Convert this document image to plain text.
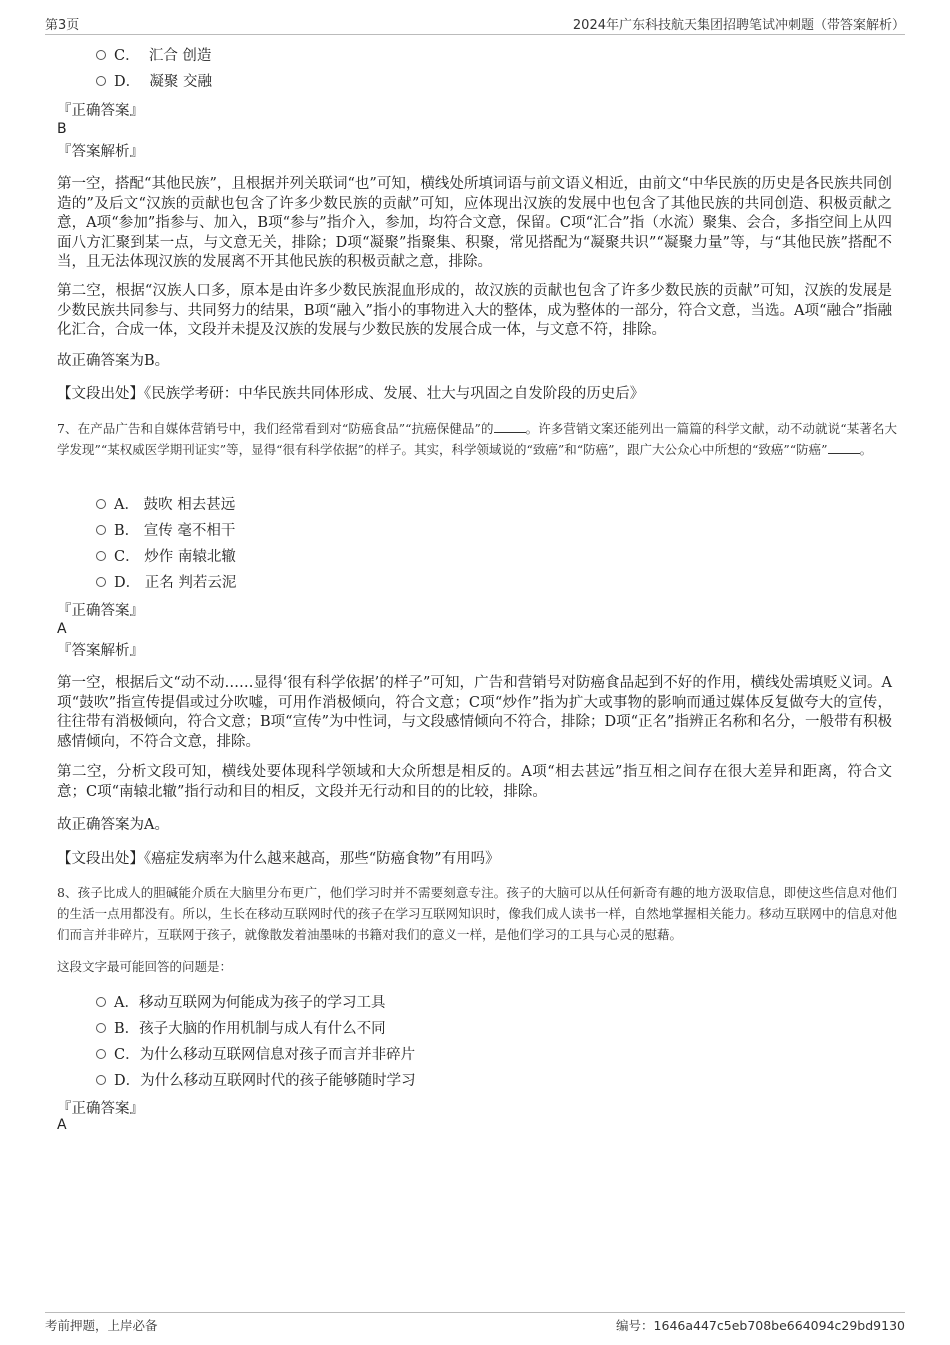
第3页	2024年广东科技航天集团招聘笔试冲刺题（带答案解析）
C． 汇合 创造
D． 凝聚 交融
『正确答案』
B
『答案解析』
第一空，搭配“其他民族”，且根据并列关联词“也”可知，横线处所填词语与前文语义相近，由前文“中华民族的历史是各民族共同创造的”及后文“汉族的贡献也包含了许多少数民族的贡献”可知，应体现出汉族的发展中也包含了其他民族的共同创造、积极贡献之意，A项“参加”指参与、加入，B项“参与”指介入，参加，均符合文意，保留。C项“汇合”指（水流）聚集、会合，多指空间上从四面八方汇聚到某一点，与文意无关，排除；D项“凝聚”指聚集、积聚，常见搭配为“凝聚共识”“凝聚力量”等，与“其他民族”搭配不当，且无法体现汉族的发展离不开其他民族的积极贡献之意，排除。
第二空，根据“汉族人口多，原本是由许多少数民族混血形成的，故汉族的贡献也包含了许多少数民族的贡献”可知，汉族的发展是少数民族共同参与、共同努力的结果，B项“融入”指小的事物进入大的整体，成为整体的一部分，符合文意，当选。A项“融合”指融化汇合，合成一体，文段并未提及汉族的发展与少数民族的发展合成一体，与文意不符，排除。
故正确答案为B。
【文段出处】《民族学考研：中华民族共同体形成、发展、壮大与巩固之自发阶段的历史后》
7、在产品广告和自媒体营销号中，我们经常看到对“防癌食品”“抗癌保健品”的	。许多营销文案还能列出一篇篇的科学文献，动不动就说“某著名大学发现”“某权威医学期刊证实”等，显得“很有科学依据”的样子。其实，科学领域说的“致癌”和“防癌”，跟广大公众心中所想的“致癌”“防癌”	。
A． 鼓吹 相去甚远
B． 宣传 毫不相干
C． 炒作 南辕北辙
D． 正名 判若云泥
『正确答案』
A
『答案解析』
第一空，根据后文“动不动……显得‘很有科学依据’的样子”可知，广告和营销号对防癌食品起到不好的作用，横线处需填贬义词。A项“鼓吹”指宣传提倡或过分吹嘘，可用作消极倾向，符合文意；C项“炒作”指为扩大或事物的影响而通过媒体反复做夸大的宣传，往往带有消极倾向，符合文意；B项“宣传”为中性词，与文段感情倾向不符合，排除；D项“正名”指辨正名称和名分，一般带有积极感情倾向，不符合文意，排除。
第二空，分析文段可知，横线处要体现科学领域和大众所想是相反的。A项“相去甚远”指互相之间存在很大差异和距离，符合文意；C项“南辕北辙”指行动和目的相反，文段并无行动和目的的比较，排除。
故正确答案为A。
【文段出处】《癌症发病率为什么越来越高，那些“防癌食物”有用吗》
8、孩子比成人的胆碱能介质在大脑里分布更广，他们学习时并不需要刻意专注。孩子的大脑可以从任何新奇有趣的地方汲取信息，即使这些信息对他们的生活一点用都没有。所以，生长在移动互联网时代的孩子在学习互联网知识时，像我们成人读书一样，自然地掌握相关能力。移动互联网中的信息对他们而言并非碎片，互联网于孩子，就像散发着油墨味的书籍对我们的意义一样，是他们学习的工具与心灵的慰藉。
这段文字最可能回答的问题是：
A．移动互联网为何能成为孩子的学习工具
B．孩子大脑的作用机制与成人有什么不同
C．为什么移动互联网信息对孩子而言并非碎片
D．为什么移动互联网时代的孩子能够随时学习
『正确答案』
A
考前押题，上岸必备	编号：1646a447c5eb708be664094c29bd9130
